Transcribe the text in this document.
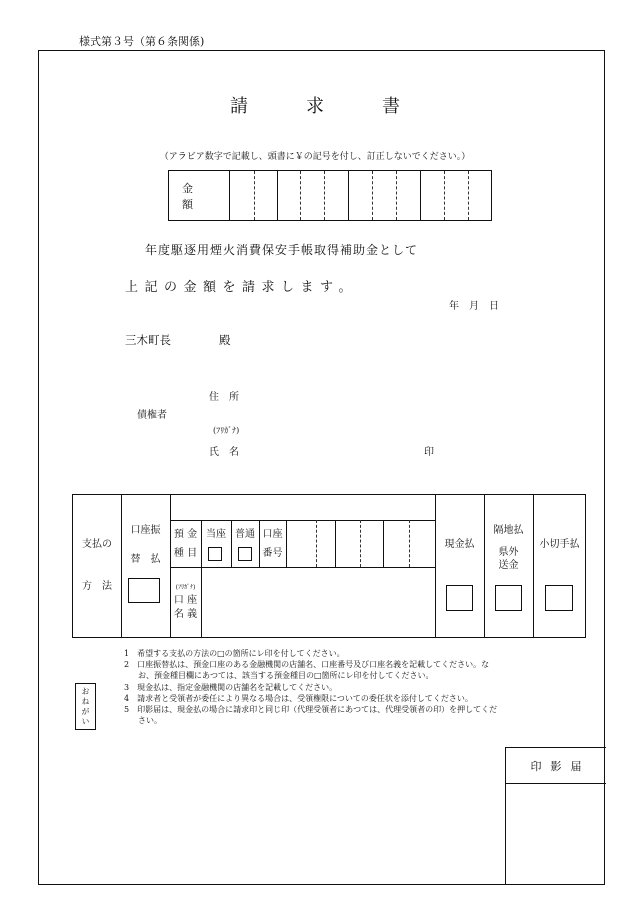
様式第３号（第６条関係)
請求書
（アラビア数字で記載し、頭書に￥の記号を付し、訂正しないでください。）
金額
年度駆逐用煙火消費保安手帳取得補助金として
上記の金額を請求します。
年　月　日
三木町長	殿
住　所
債権者
(ﾌﾘｶﾞﾅ)
氏　名	印
支払の
方　法
口座振
替　払
預 金
種 目
当座 普通 口座
番号
(ﾌﾘｶﾞﾅ)
口 座
名 義
現金払
隔地払
県外
送金
小切手払
おねがい
1　希望する支払の方法の□の箇所にレ印を付してください。
2　口座振替払は、預金口座のある金融機関の店舗名、口座番号及び口座名義を記載してください。なお、預金種目欄にあつては、該当する預金種目の□箇所にレ印を付してください。
3　現金払は、指定金融機関の店舗名を記載してください。
4　請求者と受領者が委任により異なる場合は、受領権限についての委任状を添付してください。
5　印影届は、現金払の場合に請求印と同じ印（代理受領者にあつては、代理受領者の印）を押してください。
印影届
